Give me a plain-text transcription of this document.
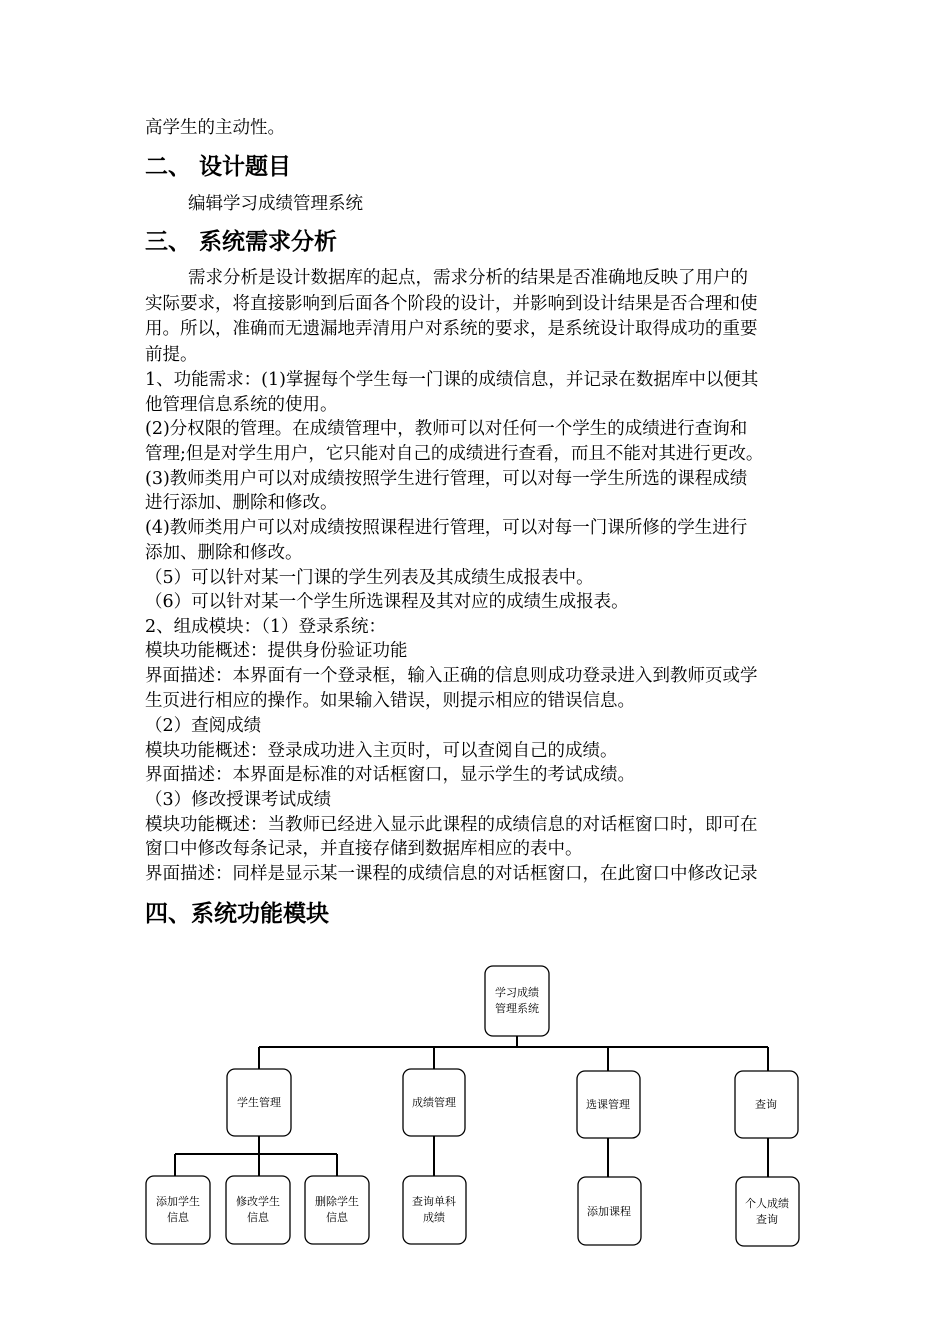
高学生的主动性。
二、 设计题目
编辑学习成绩管理系统
三、 系统需求分析
需求分析是设计数据库的起点，需求分析的结果是否准确地反映了用户的
实际要求，将直接影响到后面各个阶段的设计，并影响到设计结果是否合理和使
用。所以，准确而无遗漏地弄清用户对系统的要求，是系统设计取得成功的重要
前提。
1、功能需求：(1)掌握每个学生每一门课的成绩信息，并记录在数据库中以便其
他管理信息系统的使用。
(2)分权限的管理。在成绩管理中，教师可以对任何一个学生的成绩进行查询和
管理;但是对学生用户，它只能对自己的成绩进行查看，而且不能对其进行更改。
(3)教师类用户可以对成绩按照学生进行管理，可以对每一学生所选的课程成绩
进行添加、删除和修改。
(4)教师类用户可以对成绩按照课程进行管理，可以对每一门课所修的学生进行
添加、删除和修改。
（5）可以针对某一门课的学生列表及其成绩生成报表中。
（6）可以针对某一个学生所选课程及其对应的成绩生成报表。
2、组成模块：（1）登录系统：
模块功能概述：提供身份验证功能
界面描述：本界面有一个登录框，输入正确的信息则成功登录进入到教师页或学
生页进行相应的操作。如果输入错误，则提示相应的错误信息。
（2）查阅成绩
模块功能概述：登录成功进入主页时，可以查阅自己的成绩。
界面描述：本界面是标准的对话框窗口，显示学生的考试成绩。
（3）修改授课考试成绩
模块功能概述：当教师已经进入显示此课程的成绩信息的对话框窗口时，即可在
窗口中修改每条记录，并直接存储到数据库相应的表中。
界面描述：同样是显示某一课程的成绩信息的对话框窗口，在此窗口中修改记录
四、系统功能模块
学习成绩
管理系统
学生管理	成绩管理	选课管理	查询
添加学生
信息
修改学生
信息
删除学生
信息
查询单科
成绩	添加课程
个人成绩
查询
